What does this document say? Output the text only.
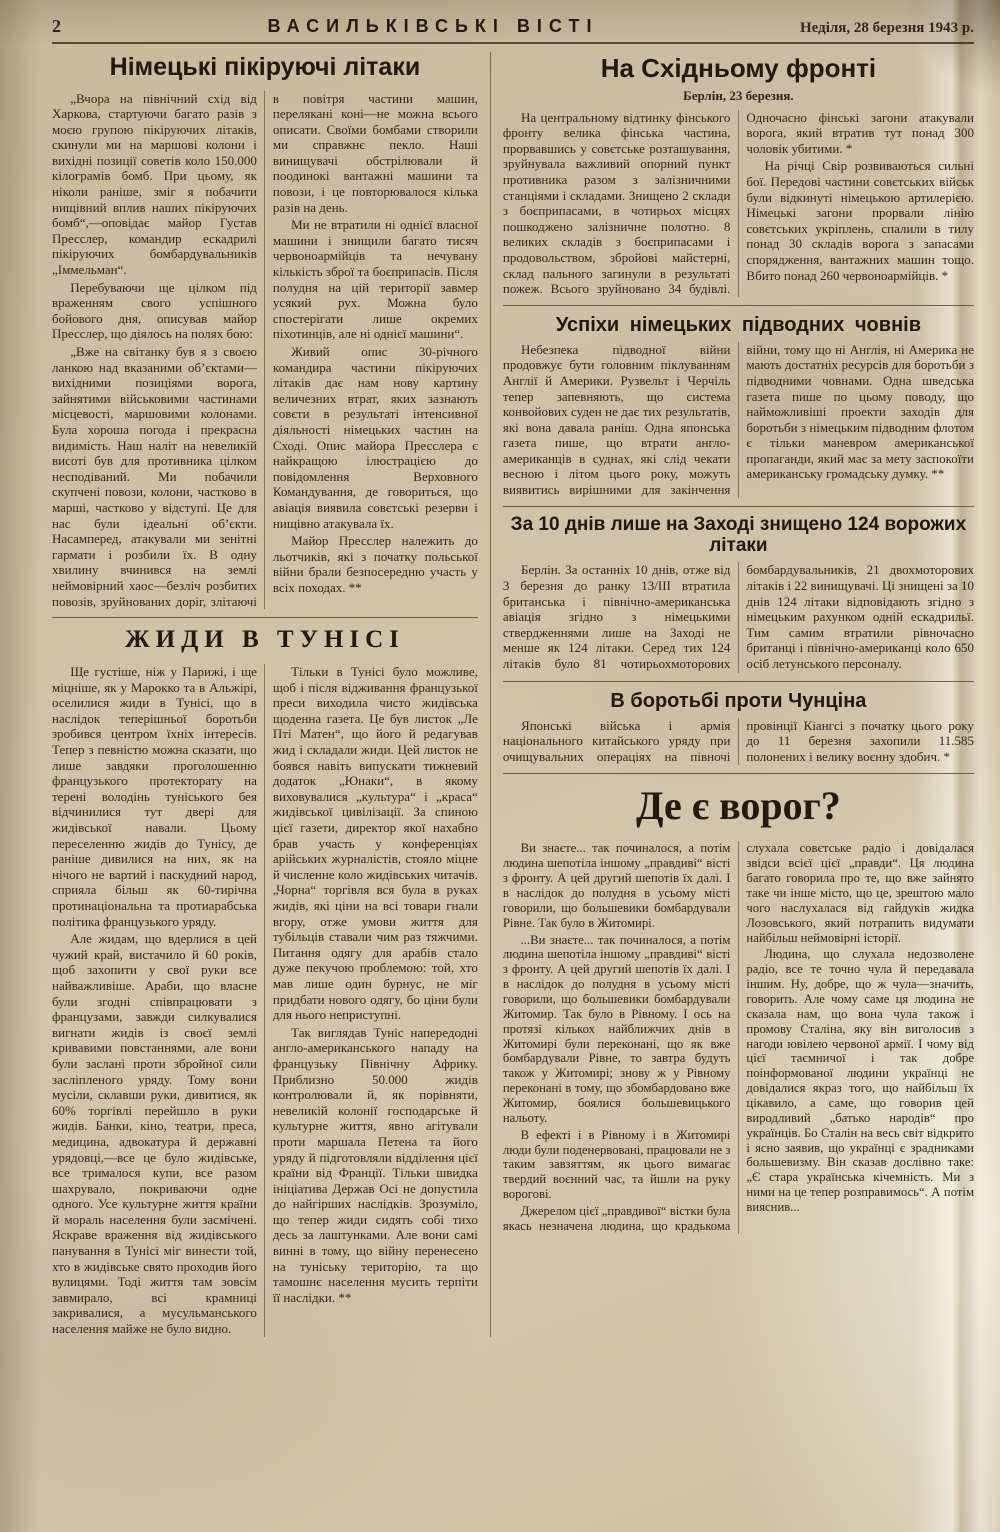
2	ВАСИЛЬКІВСЬКІ ВІСТІ	Неділя, 28 березня 1943 р.
Німецькі пікіруючі літаки

„Вчора на північний схід від Харкова, стартуючи багато разів з моєю групою пікіруючих літаків, скинули ми на маршові колони і вихідні позиції советів коло 150.000 кілограмів бомб. При цьому, як ніколи раніше, зміг я побачити нищівний вплив наших пікіруючих бомб“,—оповідає майор Густав Пресслер, командир ескадрилі пікіруючих бомбардувальників „Іммельман“.

Перебуваючи ще цілком під враженням свого успішного бойового дня, описував майор Пресслер, що діялось на полях бою:

„Вже на світанку був я з своєю ланкою над вказаними об’єктами—вихідними позиціями ворога, зайнятими військовими частинами місцевості, маршовими колонами. Була хороша погода і прекрасна видимість. Наш наліт на невеликій висоті був для противника цілком несподіваний. Ми побачили скупчені повози, колони, частково в марші, частково у відступі. Це для нас були ідеальні об’єкти. Насамперед, атакували ми зенітні гармати і розбили їх. В одну хвилину вчинився на землі неймовірний хаос—безліч розбитих повозів, зруйнованих доріг, злітаючі в повітря частини машин, перелякані коні—не можна всього описати. Своїми бомбами створили ми справжнє пекло. Наші винищувачі обстрілювали й поодинокі вантажні машини та повози, і це повторювалося кілька разів на день.

Ми не втратили ні однієї власної машини і знищили багато тисяч червоноармійців та нечувану кількість зброї та боєприпасів. Після полудня на цій території завмер усякий рух. Можна було спостерігати лише окремих піхотинців, але ні однієї машини“.

Живий опис 30-річного командира частини пікіруючих літаків дає нам нову картину величезних втрат, яких зазнають совєти в результаті інтенсивної діяльності німецьких частин на Сході. Опис майора Пресслера є найкращою ілюстрацією до повідомлення Верховного Командування, де говориться, що авіація виявила совєтські резерви і нищівно атакувала їх.

Майор Пресслер належить до льотчиків, які з початку польської війни брали безпосередню участь у всіх походах. **

ЖИДИ В ТУНІСІ

Ще густіше, ніж у Парижі, і ще міцніше, як у Марокко та в Альжірі, оселилися жиди в Тунісі, що в наслідок теперішньої боротьби зробився центром їхніх інтересів. Тепер з певністю можна сказати, що лише завдяки проголошенню французького протекторату на терені володінь туніського бея відчинилися тут двері для жидівської навали. Цьому переселенню жидів до Тунісу, де раніше дивилися на них, як на нічого не вартий і паскудний народ, сприяла більш як 60-тирічна протинаціональна та протиарабська політика французького уряду.

Але жидам, що вдерлися в цей чужий край, вистачило й 60 років, щоб захопити у свої руки все найважливіше. Араби, що власне були згодні співпрацювати з французами, завжди силкувалися вигнати жидів із своєї землі кривавими повстаннями, але вони були заслані проти збройної сили засліпленого уряду. Тому вони мусіли, склавши руки, дивитися, як 60% торгівлі перейшло в руки жидів. Банки, кіно, театри, преса, медицина, адвокатура й державні урядовці,—все це було жидівське, все трималося купи, все разом шахрувало, покриваючи одне одного. Усе культурне життя країни й мораль населення були засмічені. Яскраве враження від жидівського панування в Тунісі міг винести той, хто в жидівське свято проходив його вулицями. Тоді життя там зовсім завмирало, всі крамниці закривалися, а мусульманського населення майже не було видно.

Тільки в Тунісі було можливе, щоб і після відживання французької преси виходила чисто жидівська щоденна газета. Це був листок „Ле Пті Матен“, що його й редагував жид і складали жиди. Цей листок не боявся навіть випускати тижневий додаток „Юнаки“, в якому виховувалися „культура“ і „краса“ жидівської цивілізації. За спиною цієї газети, директор якої нахабно брав участь у конференціях арійських журналістів, стояло міцне й численне коло жидівських читачів. „Чорна“ торгівля вся була в руках жидів, які ціни на всі товари гнали вгору, отже умови життя для тубільців ставали чим раз тяжчими. Питання одягу для арабів стало дуже пекучою проблемою: той, хто мав лише один бурнус, не міг придбати нового одягу, бо ціни були для нього неприступні.

Так виглядав Туніс напередодні англо-американського нападу на французьку Північну Африку. Приблизно 50.000 жидів контролювали й, як порівняти, невеликій колонії господарське й культурне життя, явно агітували проти маршала Петена та його уряду й підготовляли відділення цієї країни від Франції. Тільки швидка ініціатива Держав Осі не допустила до найгірших наслідків. Зрозуміло, що тепер жиди сидять собі тихо десь за лаштунками. Але вони самі винні в тому, що війну перенесено на туніську територію, та що тамошнє населення мусить терпіти її наслідки. **

На Східньому фронті
Берлін, 23 березня.

На центральному відтинку фінського фронту велика фінська частина, прорвавшись у совєтське розташування, зруйнувала важливий опорний пункт противника разом з залізничними станціями і складами. Знищено 2 склади з боєприпасами, в чотирьох місцях пошкоджено залізничне полотно. 8 великих складів з боєприпасами і продовольством, збройові майстерні, склад пального загинули в результаті пожеж. Всього зруйновано 34 будівлі. Одночасно фінські загони атакували ворога, який втратив тут понад 300 чоловік убитими. *

На річці Свір розвиваються сильні бої. Передові частини совєтських військ були відкинуті німецькою артилерією. Німецькі загони прорвали лінію совєтських укріплень, спалили в тилу понад 30 складів ворога з запасами спорядження, вантажних машин тощо. Вбито понад 260 червоноармійців. *

Успіхи німецьких підводних човнів

Небезпека підводної війни продовжує бути головним піклуванням Англії й Америки. Рузвельт і Черчіль тепер запевняють, що система конвойових суден не дає тих результатів, які вона давала раніш. Одна японська газета пише, що втрати англо-американців в суднах, які слід чекати весною і літом цього року, можуть виявитись вирішними для закінчення війни, тому що ні Англія, ні Америка не мають достатніх ресурсів для боротьби з підводними човнами. Одна шведська газета пише по цьому поводу, що найможливіші проекти заходів для боротьби з німецьким підводним флотом є тільки маневром американської пропаганди, який має за мету заспокоїти американську громадську думку. **

За 10 днів лише на Заході знищено 124 ворожих літаки

Берлін. За останніх 10 днів, отже від 3 березня до ранку 13/ІІІ втратила британська і північно-американська авіація згідно з німецькими ствердженнями лише на Заході не менше як 124 літаки. Серед тих 124 літаків було 81 чотирьохмоторових бомбардувальників, 21 двохмоторових літаків і 22 винищувачі. Ці знищені за 10 днів 124 літаки відповідають згідно з німецьким рахунком одній ескадрильї. Тим самим втратили рівночасно британці і північно-американці коло 650 осіб летунського персоналу.

В боротьбі проти Чунціна

Японські війська і армія національного китайського уряду при очищувальних операціях на півночі провінції Кіангсі з початку цього року до 11 березня захопили 11.585 полонених і велику воєнну здобич. *

Де є ворог?

Ви знаєте... так починалося, а потім людина шепотіла іншому „правдиві“ вісті з фронту. А цей другий шепотів їх далі. І в наслідок до полудня в усьому місті говорили, що большевики бомбардували Рівне. Так було в Житомирі.

...Ви знаєте... так починалося, а потім людина шепотіла іншому „правдиві“ вісті з фронту. А цей другий шепотів їх далі. І в наслідок до полудня в усьому місті говорили, що большевики бомбардували Житомир. Так було в Рівному. І ось на протязі кількох найближчих днів в Житомирі були переконані, що як вже бомбардували Рівне, то завтра будуть також у Житомирі; знову ж у Рівному переконані в тому, що збомбардовано вже Житомир, боялися большевицького нальоту.

В ефекті і в Рівному і в Житомирі люди були поденервовані, працювали не з таким завзяттям, як цього вимагає твердий воєнний час, та йшли на руку ворогові.

Джерелом цієї „правдивої“ вістки була якась незначена людина, що крадькома слухала совєтське радіо і довідалася звідси всієї цієї „правди“. Ця людина багато говорила про те, що вже зайнято таке чи інше місто, що це, зрештою мало чого наслухалася від гайдуків жидка Лозовського, який потрапить видумати найбільш неймовірні історії.

Людина, що слухала недозволене радіо, все те точно чула й передавала іншим. Ну, добре, що ж чула—значить, говорить. Але чому саме ця людина не сказала нам, що вона чула також і промову Сталіна, яку він виголосив з нагоди ювілею червоної армії. І чому від цієї таємничої і так добре поінформованої людини українці не довідалися якраз того, що найбільш їх цікавило, а саме, що говорив цей виродливий „батько народів“ про українців. Бо Сталін на весь світ відкрито і ясно заявив, що українці є зрадниками большевизму. Він сказав дослівно таке: „Є стара українська кічемність. Ми з ними на це тепер розправимось“. А потім вияснив...
